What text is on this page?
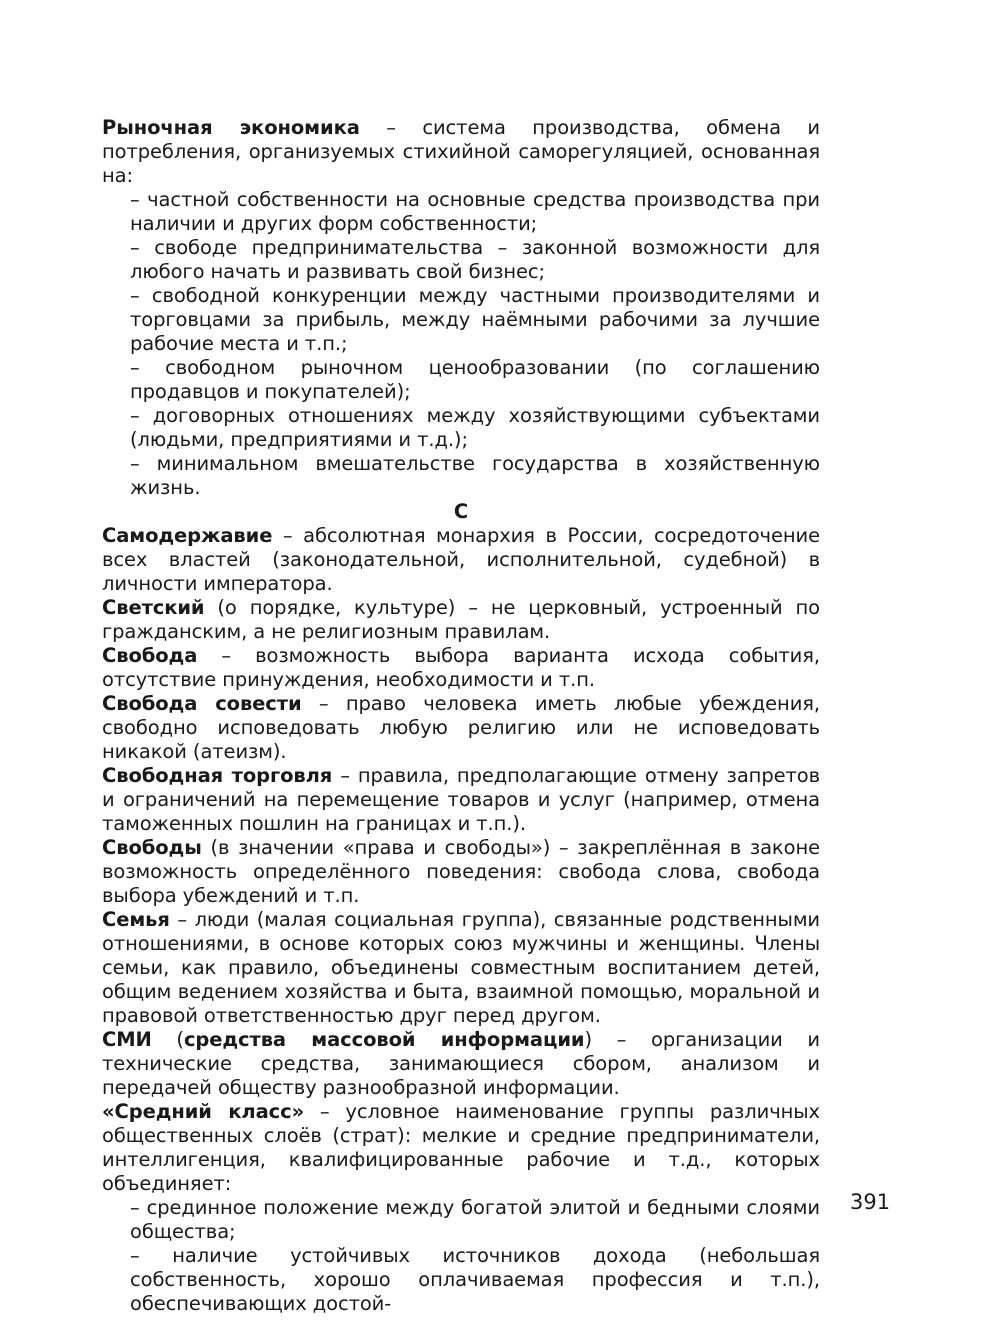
Рыночная экономика – система производства, обмена и потребления, организуемых стихийной саморегуляцией, основанная на:

– частной собственности на основные средства производства при наличии и других форм собственности;

– свободе предпринимательства – законной возможности для любого начать и развивать свой бизнес;

– свободной конкуренции между частными производителями и торговцами за прибыль, между наёмными рабочими за лучшие рабочие места и т.п.;

– свободном рыночном ценообразовании (по соглашению продавцов и покупателей);

– договорных отношениях между хозяйствующими субъектами (людьми, предприятиями и т.д.);

– минимальном вмешательстве государства в хозяйственную жизнь.

С

Самодержавие – абсолютная монархия в России, сосредоточение всех властей (законодательной, исполнительной, судебной) в личности императора.

Светский (о порядке, культуре) – не церковный, устроенный по гражданским, а не религиозным правилам.

Свобода – возможность выбора варианта исхода события, отсутствие принуждения, необходимости и т.п.

Свобода совести – право человека иметь любые убеждения, свободно исповедовать любую религию или не исповедовать никакой (атеизм).

Свободная торговля – правила, предполагающие отмену запретов и ограничений на перемещение товаров и услуг (например, отмена таможенных пошлин на границах и т.п.).

Свободы (в значении «права и свободы») – закреплённая в законе возможность определённого поведения: свобода слова, свобода выбора убеждений и т.п.

Семья – люди (малая социальная группа), связанные родственными отношениями, в основе которых союз мужчины и женщины. Члены семьи, как правило, объединены совместным воспитанием детей, общим ведением хозяйства и быта, взаимной помощью, моральной и правовой ответственностью друг перед другом.

СМИ (средства массовой информации) – организации и технические средства, занимающиеся сбором, анализом и передачей обществу разнообразной информации.

«Средний класс» – условное наименование группы различных общественных слоёв (страт): мелкие и средние предприниматели, интеллигенция, квалифицированные рабочие и т.д., которых объединяет:

– срединное положение между богатой элитой и бедными слоями общества;

– наличие устойчивых источников дохода (небольшая собственность, хорошо оплачиваемая профессия и т.п.), обеспечивающих достой-

391
